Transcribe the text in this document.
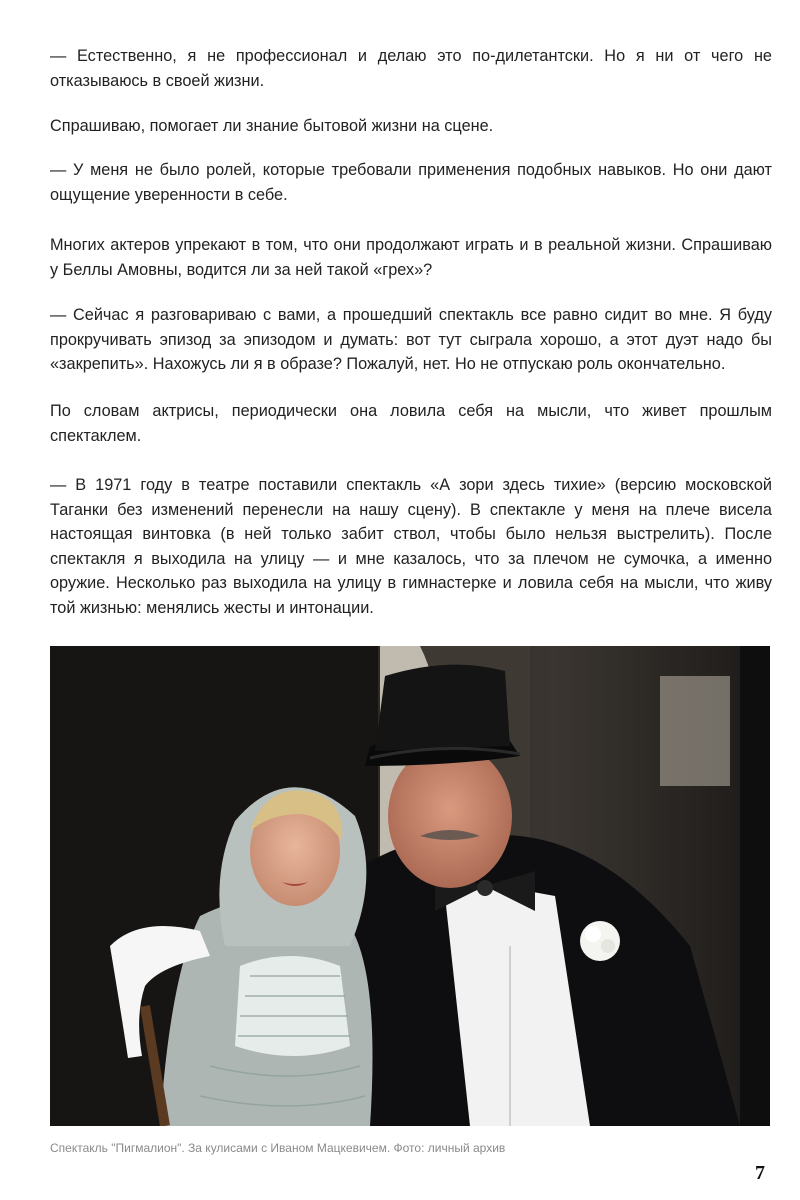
— Естественно, я не профессионал и делаю это по-дилетантски. Но я ни от чего не отказываюсь в своей жизни.

Спрашиваю, помогает ли знание бытовой жизни на сцене.

— У меня не было ролей, которые требовали применения подобных навыков. Но они дают ощущение уверенности в себе.

Многих актеров упрекают в том, что они продолжают играть и в реальной жизни. Спрашиваю у Беллы Амовны, водится ли за ней такой «грех»?

— Сейчас я разговариваю с вами, а прошедший спектакль все равно сидит во мне. Я буду прокручивать эпизод за эпизодом и думать: вот тут сыграла хорошо, а этот дуэт надо бы «закрепить». Нахожусь ли я в образе? Пожалуй, нет. Но не отпускаю роль окончательно.

По словам актрисы, периодически она ловила себя на мысли, что живет прошлым спектаклем.

— В 1971 году в театре поставили спектакль «А зори здесь тихие» (версию московской Таганки без изменений перенесли на нашу сцену). В спектакле у меня на плече висела настоящая винтовка (в ней только забит ствол, чтобы было нельзя выстрелить). После спектакля я выходила на улицу — и мне казалось, что за плечом не сумочка, а именно оружие. Несколько раз выходила на улицу в гимнастерке и ловила себя на мысли, что живу той жизнью: менялись жесты и интонации.

Спектакль "Пигмалион". За кулисами с Иваном Мацкевичем. Фото: личный архив
7
